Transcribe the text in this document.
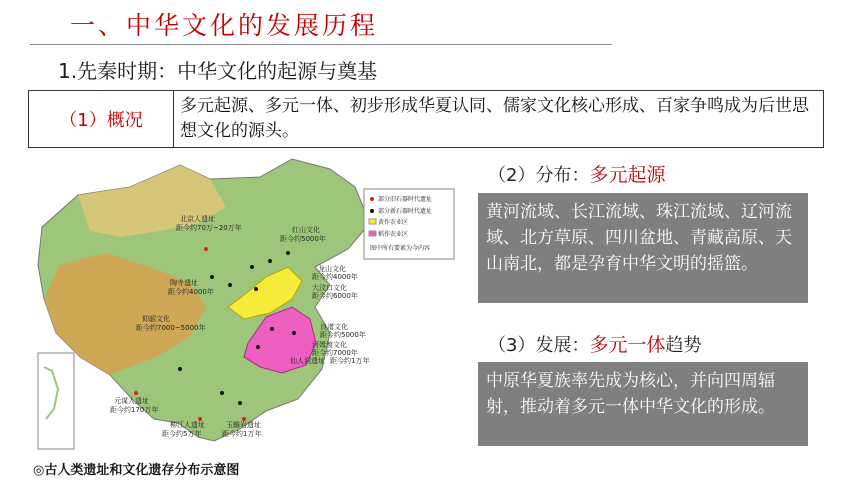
一、中华文化的发展历程
1.先秦时期：中华文化的起源与奠基
（1）概况
多元起源、多元一体、初步形成华夏认同、儒家文化核心形成、百家争鸣成为后世思想文化的源头。
北京人遗址
距今约70万~20万年	红山文化
距今约5000年
龙山文化
距今约4000年
大汶口文化
距今约6000年
陶寺遗址
距今约4000年
仰韶文化
距今约7000~5000年	良渚文化
距今约5000年
河姆渡文化
距今约7000年
仙人洞遗址 距今约1万年
元谋人遗址
距今约170万年
柳江人遗址
距今约5万年
玉蟾岩遗址
距今约1万年
部分旧石器时代遗址
部分新石器时代遗址
黄作农业区
稻作农业区
图中所有要素为今内容
◎古人类遗址和文化遗存分布示意图
（2）分布：多元起源
黄河流域、长江流域、珠江流域、辽河流域、北方草原、四川盆地、青藏高原、天山南北，都是孕育中华文明的摇篮。
（3）发展：多元一体趋势
中原华夏族率先成为核心，并向四周辐射，推动着多元一体中华文化的形成。
